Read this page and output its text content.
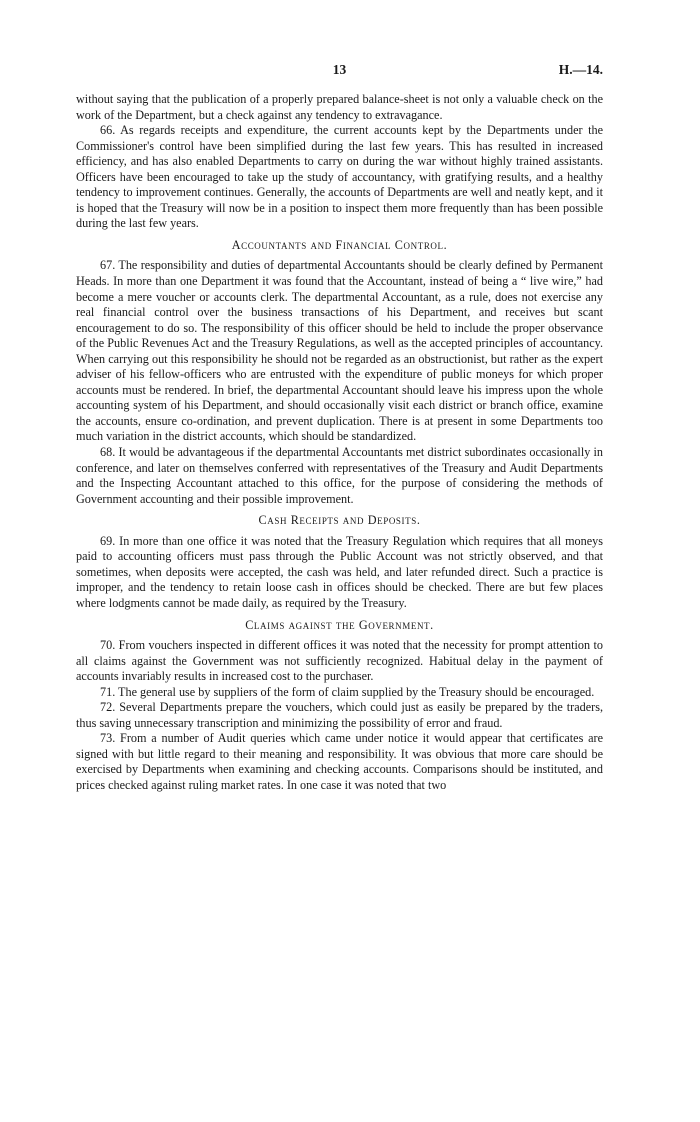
13	H.—14.

without saying that the publication of a properly prepared balance-sheet is not only a valuable check on the work of the Department, but a check against any tendency to extravagance.

66. As regards receipts and expenditure, the current accounts kept by the Departments under the Commissioner's control have been simplified during the last few years. This has resulted in increased efficiency, and has also enabled Departments to carry on during the war without highly trained assistants. Officers have been encouraged to take up the study of accountancy, with gratifying results, and a healthy tendency to improvement continues. Generally, the accounts of Departments are well and neatly kept, and it is hoped that the Treasury will now be in a position to inspect them more frequently than has been possible during the last few years.

Accountants and Financial Control.

67. The responsibility and duties of departmental Accountants should be clearly defined by Permanent Heads. In more than one Department it was found that the Accountant, instead of being a “ live wire,” had become a mere voucher or accounts clerk. The departmental Accountant, as a rule, does not exercise any real financial control over the business transactions of his Department, and receives but scant encouragement to do so. The responsibility of this officer should be held to include the proper observance of the Public Revenues Act and the Treasury Regulations, as well as the accepted principles of accountancy. When carrying out this responsibility he should not be regarded as an obstructionist, but rather as the expert adviser of his fellow-officers who are entrusted with the expenditure of public moneys for which proper accounts must be rendered. In brief, the departmental Accountant should leave his impress upon the whole accounting system of his Department, and should occasionally visit each district or branch office, examine the accounts, ensure co-ordination, and prevent duplication. There is at present in some Departments too much variation in the district accounts, which should be standardized.

68. It would be advantageous if the departmental Accountants met district subordinates occasionally in conference, and later on themselves conferred with representatives of the Treasury and Audit Departments and the Inspecting Accountant attached to this office, for the purpose of considering the methods of Government accounting and their possible improvement.

Cash Receipts and Deposits.

69. In more than one office it was noted that the Treasury Regulation which requires that all moneys paid to accounting officers must pass through the Public Account was not strictly observed, and that sometimes, when deposits were accepted, the cash was held, and later refunded direct. Such a practice is improper, and the tendency to retain loose cash in offices should be checked. There are but few places where lodgments cannot be made daily, as required by the Treasury.

Claims against the Government.

70. From vouchers inspected in different offices it was noted that the necessity for prompt attention to all claims against the Government was not sufficiently recognized. Habitual delay in the payment of accounts invariably results in increased cost to the purchaser.

71. The general use by suppliers of the form of claim supplied by the Treasury should be encouraged.

72. Several Departments prepare the vouchers, which could just as easily be prepared by the traders, thus saving unnecessary transcription and minimizing the possibility of error and fraud.

73. From a number of Audit queries which came under notice it would appear that certificates are signed with but little regard to their meaning and responsibility. It was obvious that more care should be exercised by Departments when examining and checking accounts. Comparisons should be instituted, and prices checked against ruling market rates. In one case it was noted that two
